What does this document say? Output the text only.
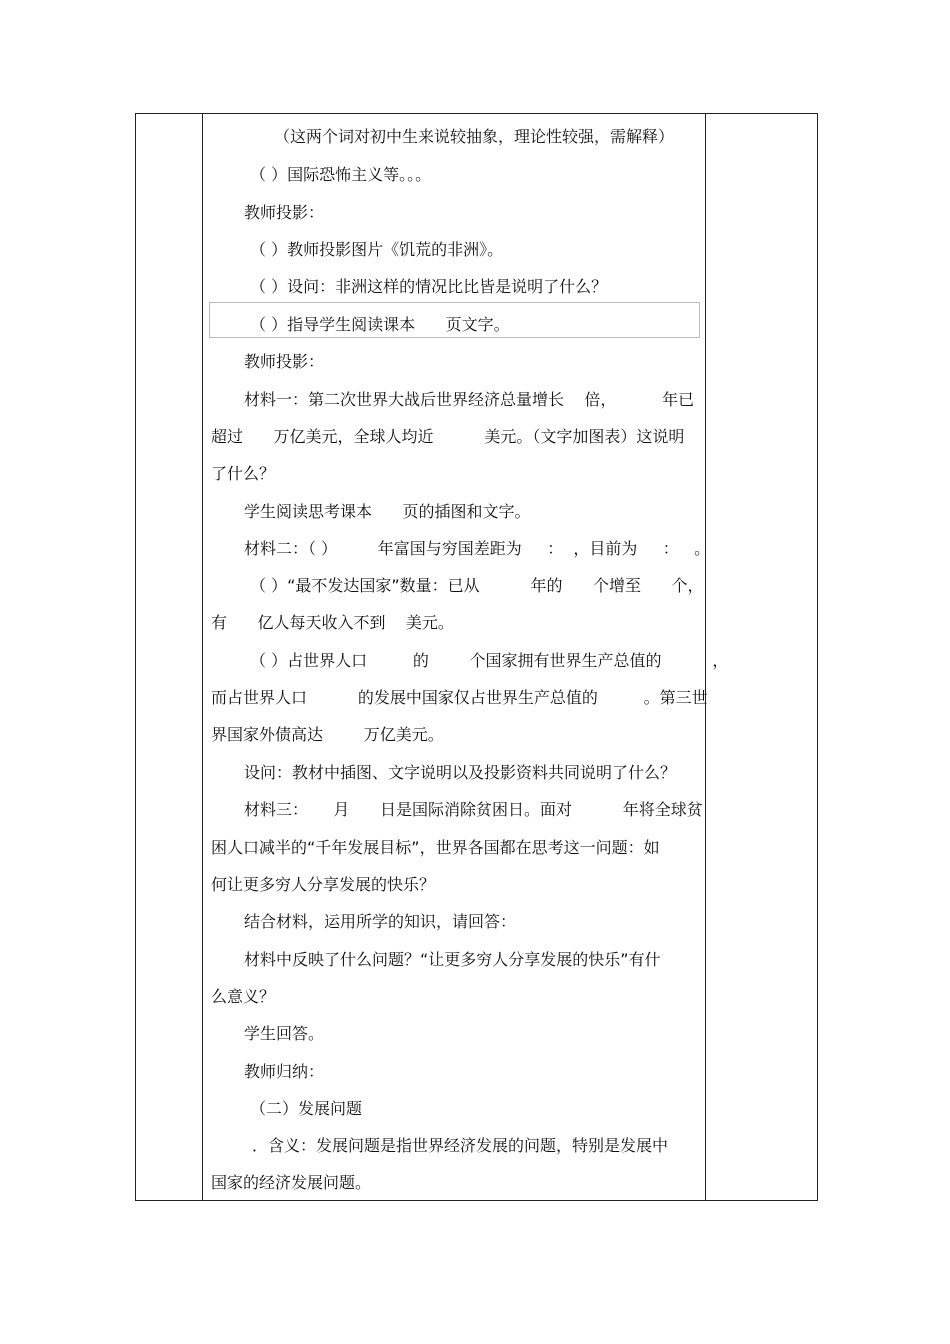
（这两个词对初中生来说较抽象，理论性较强，需解释）
（ ）国际恐怖主义等。。。
教师投影：
（ ）教师投影图片《饥荒的非洲》。
（ ）设问：非洲这样的情况比比皆是说明了什么？
（ ）指导学生阅读课本      页文字。
教师投影：
材料一：第二次世界大战后世界经济总量增长    倍，         年已
超过      万亿美元，全球人均近          美元。（文字加图表）这说明
了什么？
学生阅读思考课本      页的插图和文字。
材料二：（ ）        年富国与穷国差距为     ：  ，目前为     ：   。
（ ）“最不发达国家”数量：已从          年的      个增至      个，
有      亿人每天收入不到    美元。
（ ）占世界人口         的        个国家拥有世界生产总值的          ，
而占世界人口          的发展中国家仅占世界生产总值的         。第三世
界国家外债高达        万亿美元。
设问：教材中插图、文字说明以及投影资料共同说明了什么？
材料三：     月      日是国际消除贫困日。面对          年将全球贫
困人口减半的“千年发展目标”，世界各国都在思考这一问题：如
何让更多穷人分享发展的快乐？
结合材料，运用所学的知识，请回答：
材料中反映了什么问题？“让更多穷人分享发展的快乐”有什
么意义？
学生回答。
教师归纳：
（二）发展问题
．含义：发展问题是指世界经济发展的问题，特别是发展中
国家的经济发展问题。
